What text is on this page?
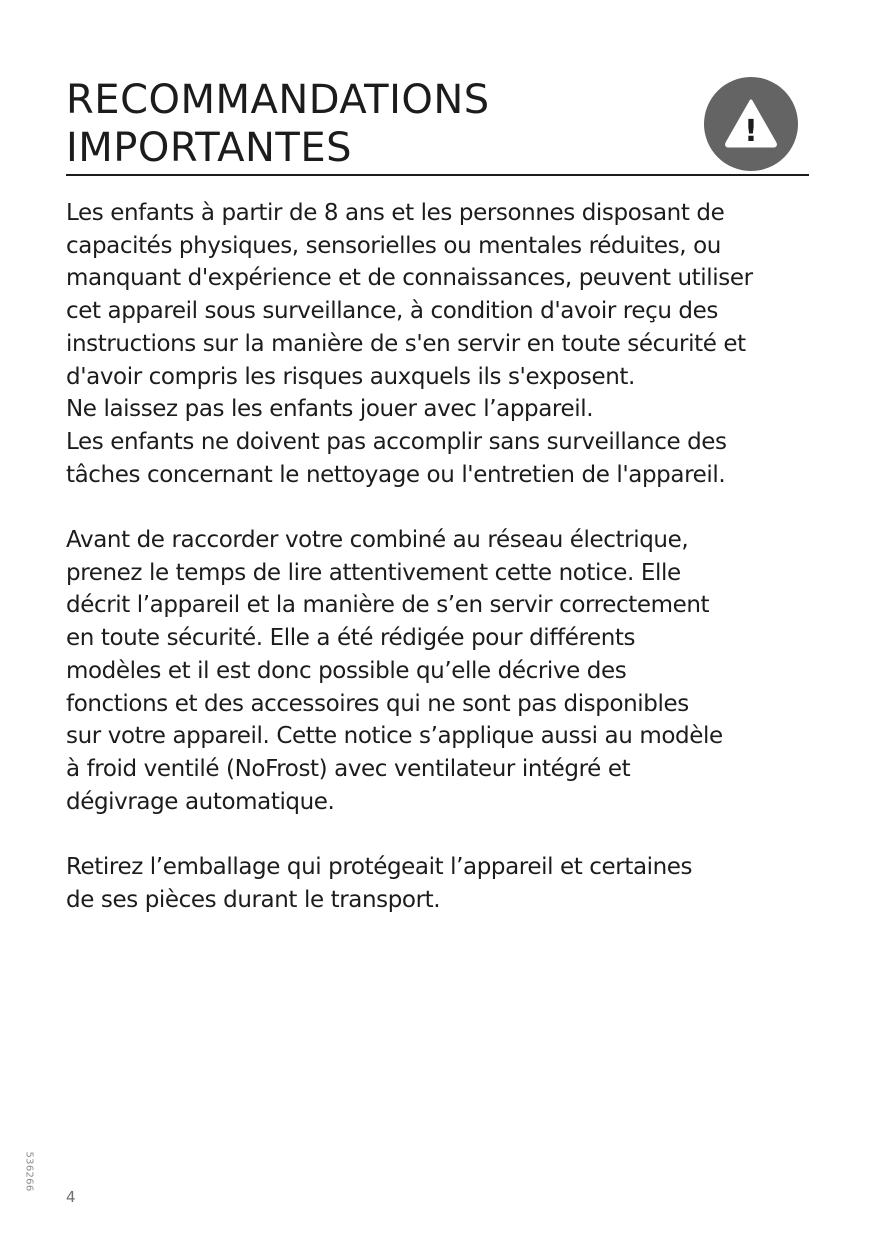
RECOMMANDATIONS
IMPORTANTES	!

Les enfants à partir de 8 ans et les personnes disposant de
capacités physiques, sensorielles ou mentales réduites, ou
manquant d'expérience et de connaissances, peuvent utiliser
cet appareil sous surveillance, à condition d'avoir reçu des
instructions sur la manière de s'en servir en toute sécurité et
d'avoir compris les risques auxquels ils s'exposent.
Ne laissez pas les enfants jouer avec l’appareil.
Les enfants ne doivent pas accomplir sans surveillance des
tâches concernant le nettoyage ou l'entretien de l'appareil.

Avant de raccorder votre combiné au réseau électrique,
prenez le temps de lire attentivement cette notice. Elle
décrit l’appareil et la manière de s’en servir correctement
en toute sécurité. Elle a été rédigée pour différents
modèles et il est donc possible qu’elle décrive des
fonctions et des accessoires qui ne sont pas disponibles
sur votre appareil. Cette notice s’applique aussi au modèle
à froid ventilé (NoFrost) avec ventilateur intégré et
dégivrage automatique.

Retirez l’emballage qui protégeait l’appareil et certaines
de ses pièces durant le transport.

536266
4
